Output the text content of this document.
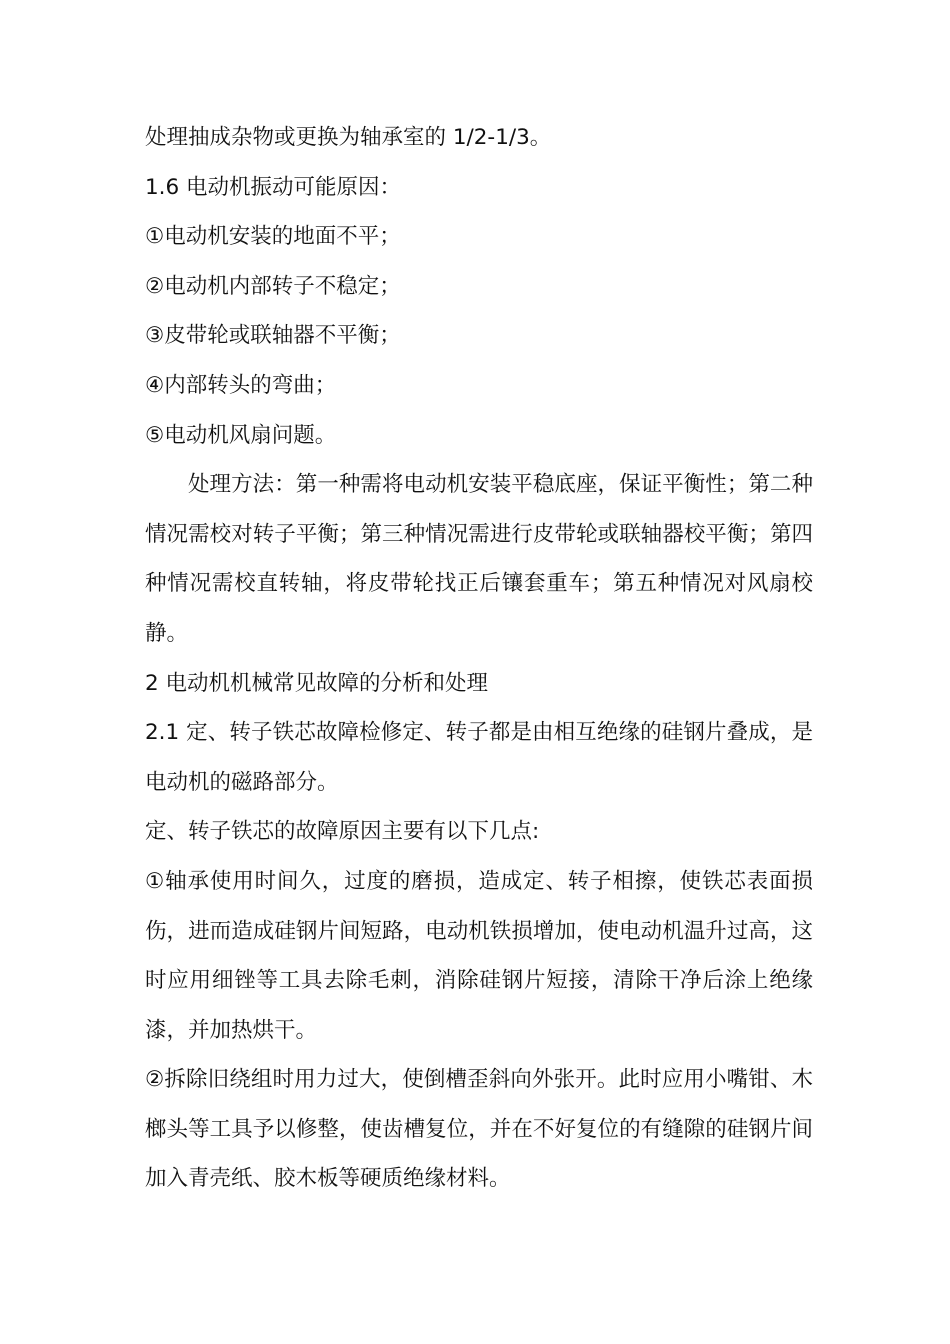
处理抽成杂物或更换为轴承室的 1/2-1/3。

1.6 电动机振动可能原因：

①电动机安装的地面不平；

②电动机内部转子不稳定；

③皮带轮或联轴器不平衡；

④内部转头的弯曲；

⑤电动机风扇问题。

处理方法：第一种需将电动机安装平稳底座，保证平衡性；第二种情况需校对转子平衡；第三种情况需进行皮带轮或联轴器校平衡；第四种情况需校直转轴，将皮带轮找正后镶套重车；第五种情况对风扇校静。

2 电动机机械常见故障的分析和处理

2.1 定、转子铁芯故障检修定、转子都是由相互绝缘的硅钢片叠成，是电动机的磁路部分。

定、转子铁芯的故障原因主要有以下几点:

①轴承使用时间久，过度的磨损，造成定、转子相擦，使铁芯表面损伤，进而造成硅钢片间短路，电动机铁损增加，使电动机温升过高，这时应用细锉等工具去除毛刺，消除硅钢片短接，清除干净后涂上绝缘漆，并加热烘干。

②拆除旧绕组时用力过大，使倒槽歪斜向外张开。此时应用小嘴钳、木榔头等工具予以修整，使齿槽复位，并在不好复位的有缝隙的硅钢片间加入青壳纸、胶木板等硬质绝缘材料。
